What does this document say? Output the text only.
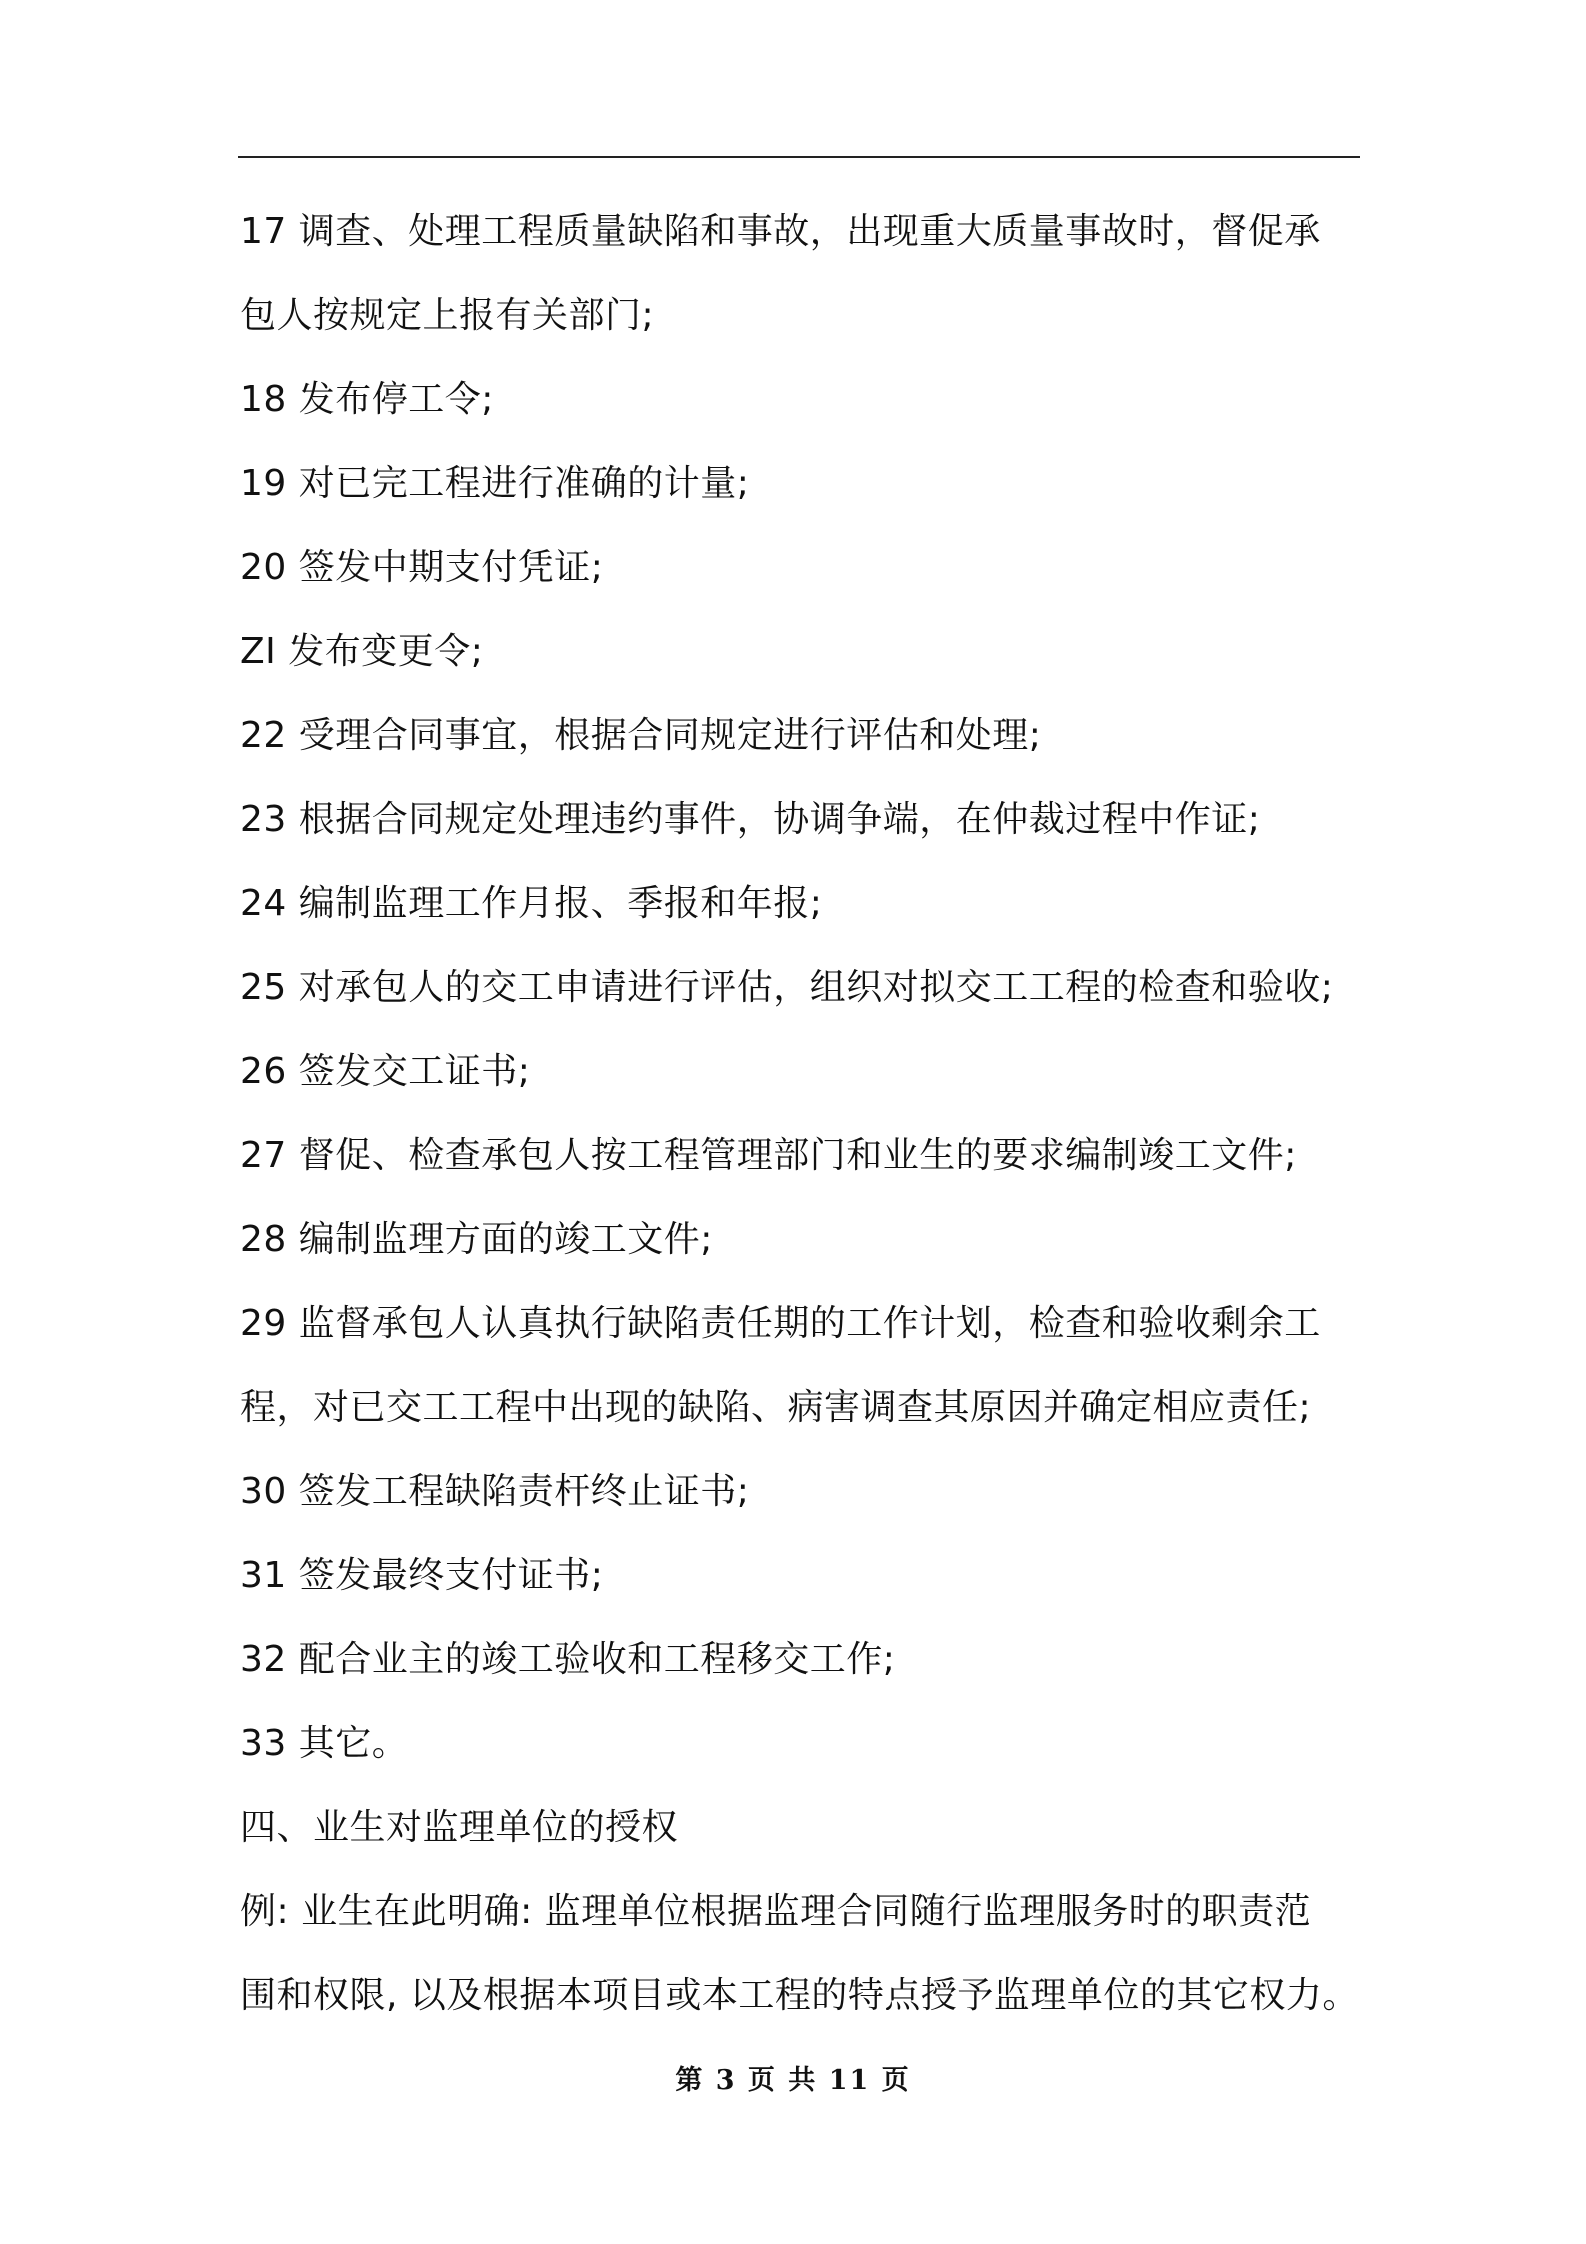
17 调查、处理工程质量缺陷和事故，出现重大质量事故时，督促承
包人按规定上报有关部门;
18 发布停工令;
19 对已完工程进行准确的计量;
20 签发中期支付凭证;
ZI 发布变更令;
22 受理合同事宜，根据合同规定进行评估和处理;
23 根据合同规定处理违约事件，协调争端，在仲裁过程中作证;
24 编制监理工作月报、季报和年报;
25 对承包人的交工申请进行评估，组织对拟交工工程的检查和验收;
26 签发交工证书;
27 督促、检查承包人按工程管理部门和业生的要求编制竣工文件;
28 编制监理方面的竣工文件;
29 监督承包人认真执行缺陷责任期的工作计划，检查和验收剩余工
程，对已交工工程中出现的缺陷、病害调查其原因并确定相应责任;
30 签发工程缺陷责杆终止证书;
31 签发最终支付证书;
32 配合业主的竣工验收和工程移交工作;
33 其它。
四、业生对监理单位的授权
例: 业生在此明确: 监理单位根据监理合同随行监理服务时的职责范
围和权限, 以及根据本项目或本工程的特点授予监理单位的其它权力。
第 3 页 共 11 页
